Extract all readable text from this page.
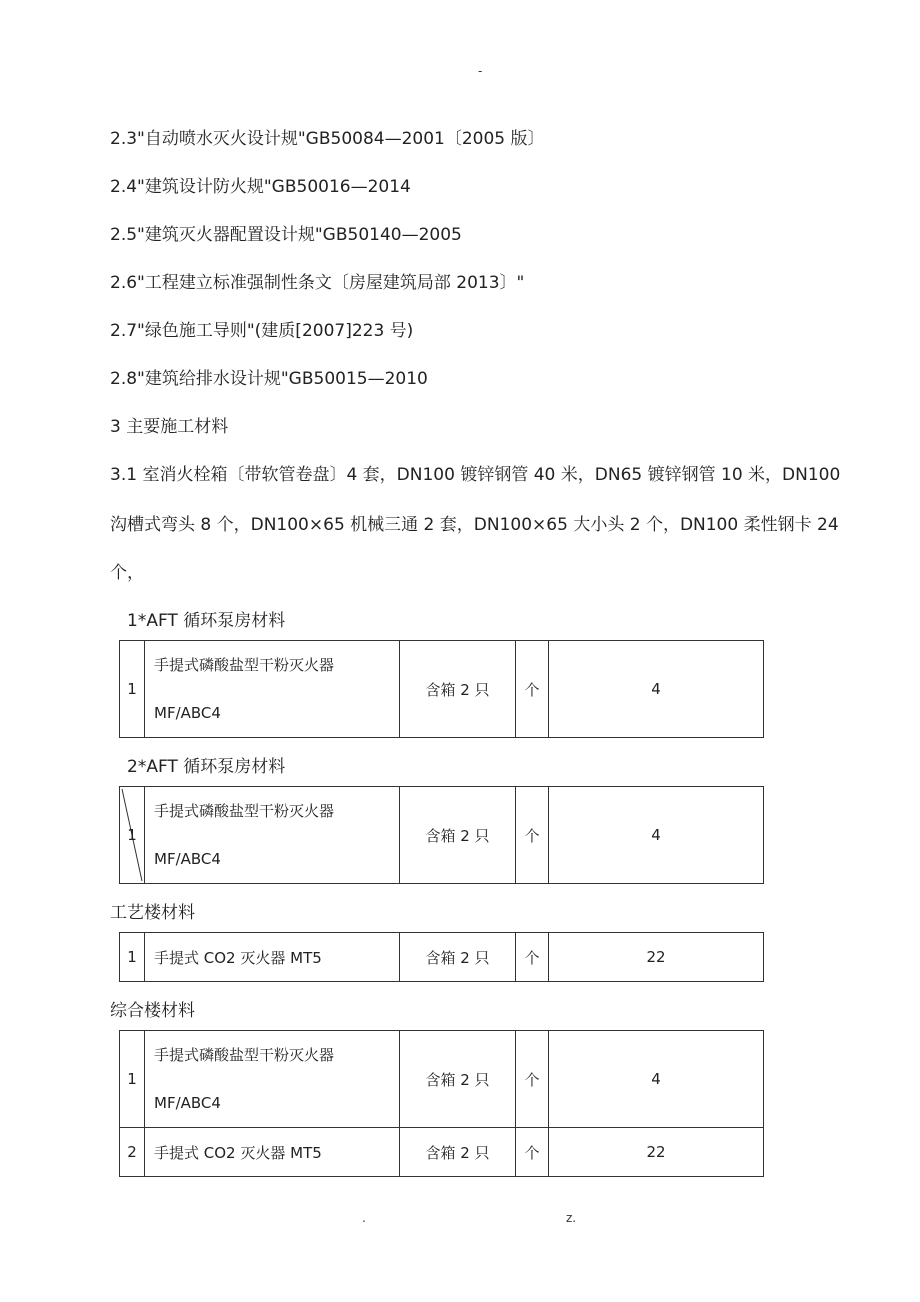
-
2.3"自动喷水灭火设计规"GB50084—2001〔2005 版〕
2.4"建筑设计防火规"GB50016—2014
2.5"建筑灭火器配置设计规"GB50140—2005
2.6"工程建立标准强制性条文〔房屋建筑局部 2013〕"
2.7"绿色施工导则"(建质[2007]223 号)
2.8"建筑给排水设计规"GB50015—2010
3 主要施工材料
3.1 室消火栓箱〔带软管卷盘〕4 套，DN100 镀锌钢管 40 米，DN65 镀锌钢管 10 米，DN100
沟槽式弯头 8 个，DN100×65 机械三通 2 套，DN100×65 大小头 2 个，DN100 柔性钢卡 24
个，
1*AFT 循环泵房材料
1	
手提式磷酸盐型干粉灭火器
MF/ABC4
	含箱 2 只	个	4
2*AFT 循环泵房材料
1	
手提式磷酸盐型干粉灭火器
MF/ABC4
	含箱 2 只	个	4
工艺楼材料
1	手提式 CO2 灭火器 MT5	含箱 2 只	个	22
综合楼材料
1	手提式磷酸盐型干粉灭火器
MF/ABC4	含箱 2 只	个	4
2	手提式 CO2 灭火器 MT5	含箱 2 只	个	22
.	z.
